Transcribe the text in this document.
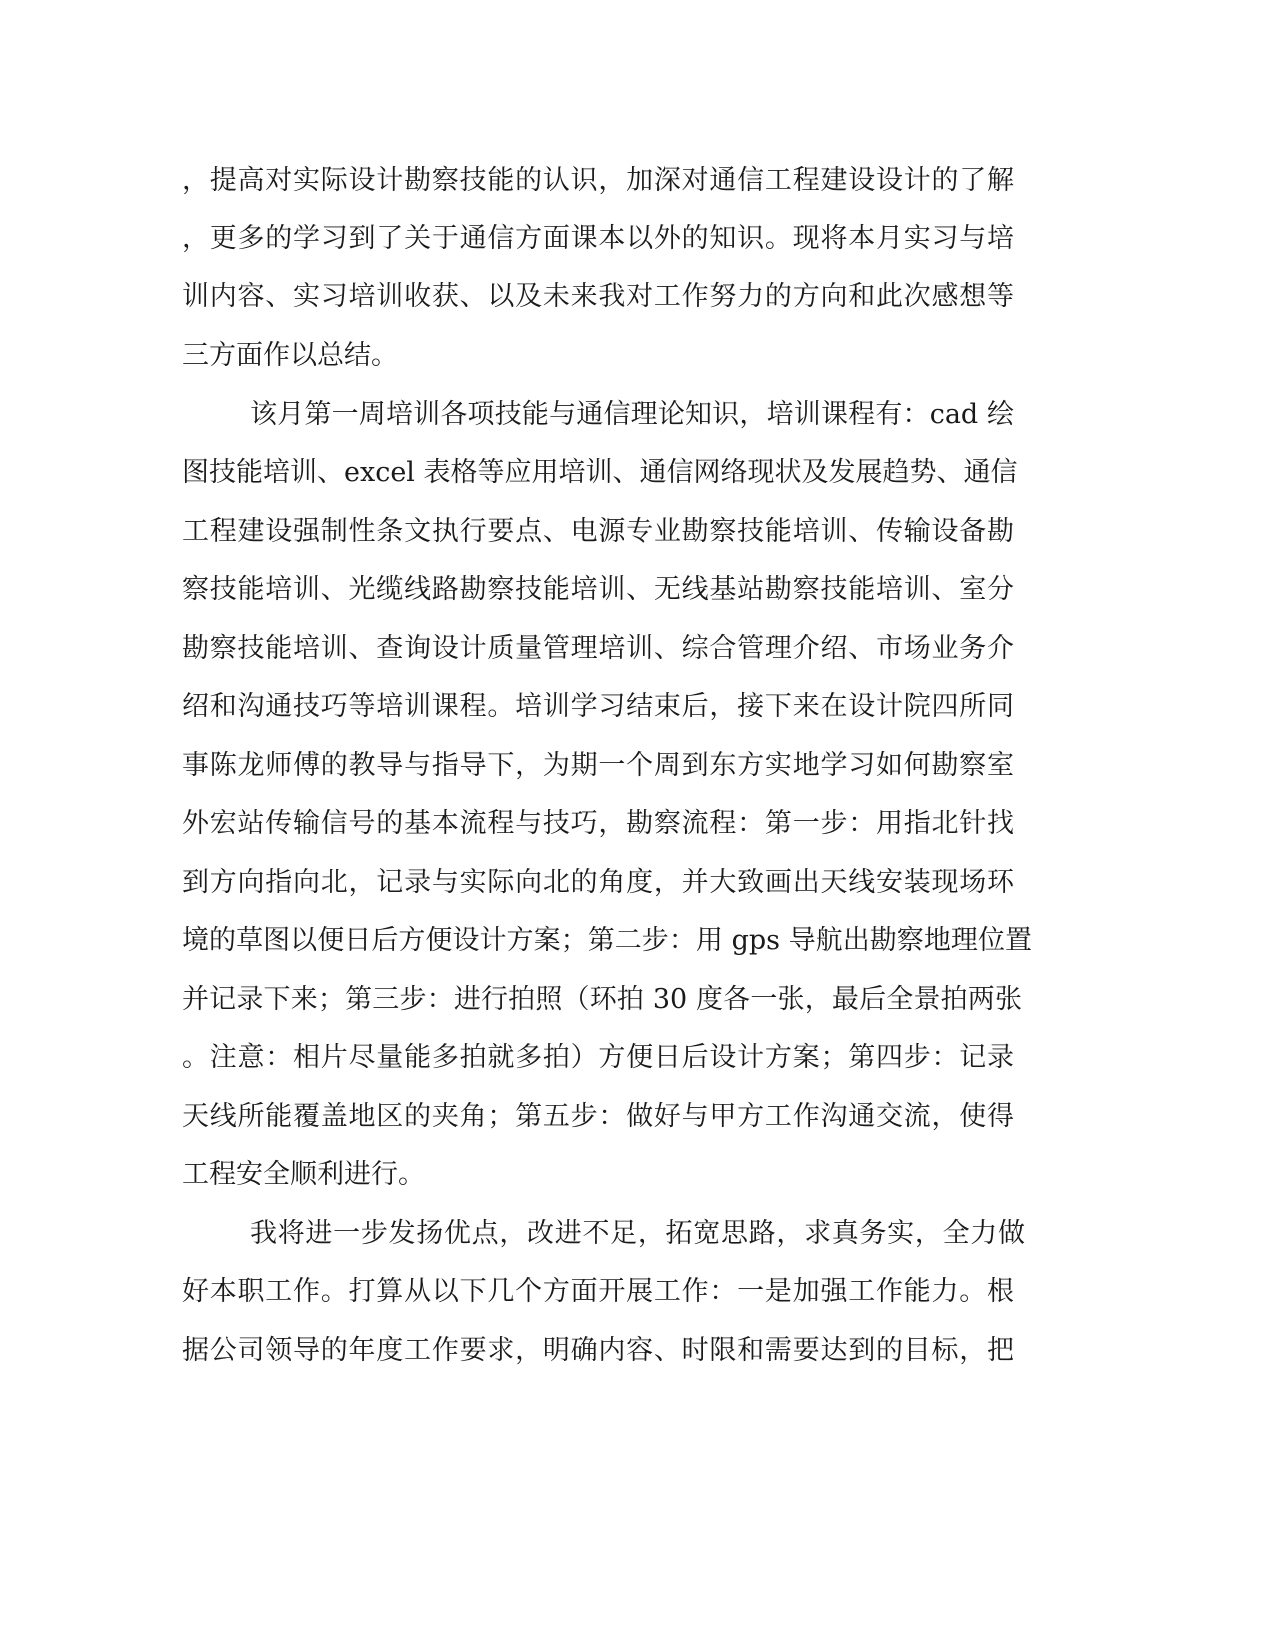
，提高对实际设计勘察技能的认识，加深对通信工程建设设计的了解
，更多的学习到了关于通信方面课本以外的知识。现将本月实习与培
训内容、实习培训收获、以及未来我对工作努力的方向和此次感想等
三方面作以总结。
该月第一周培训各项技能与通信理论知识，培训课程有：cad 绘
图技能培训、excel 表格等应用培训、通信网络现状及发展趋势、通信
工程建设强制性条文执行要点、电源专业勘察技能培训、传输设备勘
察技能培训、光缆线路勘察技能培训、无线基站勘察技能培训、室分
勘察技能培训、查询设计质量管理培训、综合管理介绍、市场业务介
绍和沟通技巧等培训课程。培训学习结束后，接下来在设计院四所同
事陈龙师傅的教导与指导下，为期一个周到东方实地学习如何勘察室
外宏站传输信号的基本流程与技巧，勘察流程：第一步：用指北针找
到方向指向北，记录与实际向北的角度，并大致画出天线安装现场环
境的草图以便日后方便设计方案；第二步：用 gps 导航出勘察地理位置
并记录下来；第三步：进行拍照（环拍 30 度各一张，最后全景拍两张
。注意：相片尽量能多拍就多拍）方便日后设计方案；第四步：记录
天线所能覆盖地区的夹角；第五步：做好与甲方工作沟通交流，使得
工程安全顺利进行。
我将进一步发扬优点，改进不足，拓宽思路，求真务实，全力做
好本职工作。打算从以下几个方面开展工作：一是加强工作能力。根
据公司领导的年度工作要求，明确内容、时限和需要达到的目标，把
